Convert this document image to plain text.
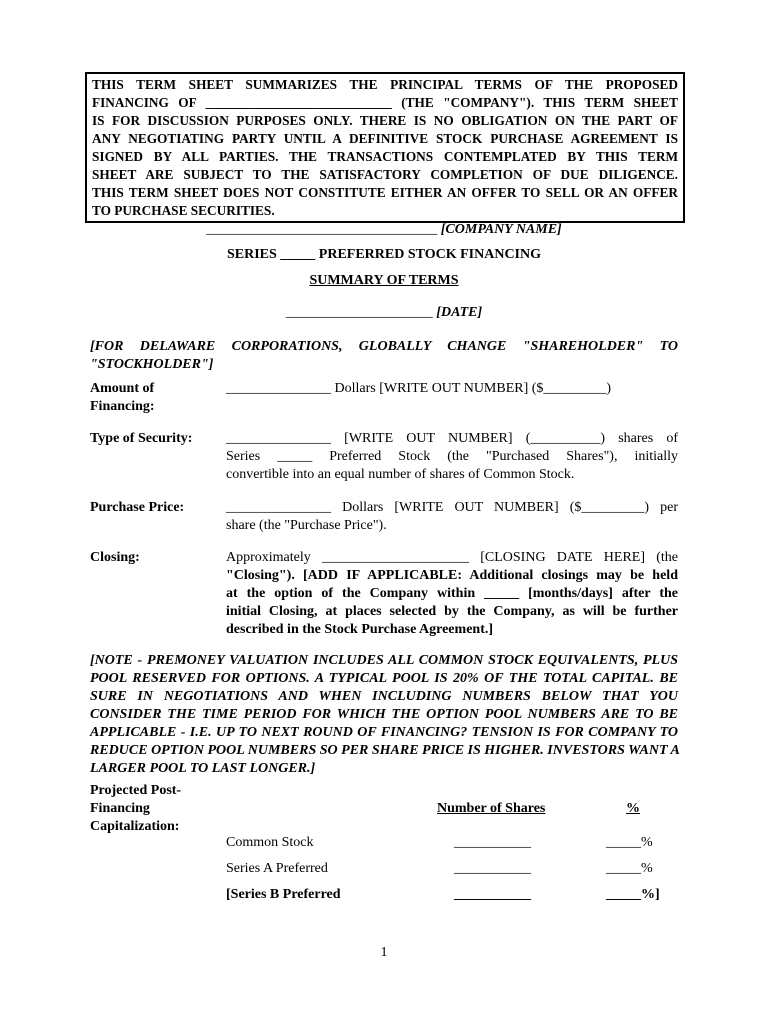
THIS TERM SHEET SUMMARIZES THE PRINCIPAL TERMS OF THE PROPOSED
FINANCING OF ____________________________ (THE "COMPANY"). THIS TERM SHEET
IS FOR DISCUSSION PURPOSES ONLY. THERE IS NO OBLIGATION ON THE PART OF
ANY NEGOTIATING PARTY UNTIL A DEFINITIVE STOCK PURCHASE AGREEMENT IS
SIGNED BY ALL PARTIES. THE TRANSACTIONS CONTEMPLATED BY THIS TERM
SHEET ARE SUBJECT TO THE SATISFACTORY COMPLETION OF DUE DILIGENCE.
THIS TERM SHEET DOES NOT CONSTITUTE EITHER AN OFFER TO SELL OR AN OFFER
TO PURCHASE SECURITIES.
_________________________________ [COMPANY NAME]
SERIES _____ PREFERRED STOCK FINANCING
SUMMARY OF TERMS
_____________________ [DATE]
[FOR DELAWARE CORPORATIONS, GLOBALLY CHANGE "SHAREHOLDER" TO
"STOCKHOLDER"]
Amount of Financing:
_______________ Dollars [WRITE OUT NUMBER] ($_________)
Type of Security:	_______________ [WRITE OUT NUMBER] (__________) shares of
Series _____ Preferred Stock (the "Purchased Shares"), initially
convertible into an equal number of shares of Common Stock.
Purchase Price:	_______________ Dollars [WRITE OUT NUMBER] ($_________) per
share (the "Purchase Price").
Closing:	Approximately _____________________ [CLOSING DATE HERE] (the
"Closing"). [ADD IF APPLICABLE: Additional closings may be held
at the option of the Company within _____ [months/days] after the
initial Closing, at places selected by the Company, as will be further
described in the Stock Purchase Agreement.]
[NOTE - PREMONEY VALUATION INCLUDES ALL COMMON STOCK EQUIVALENTS, PLUS
POOL RESERVED FOR OPTIONS. A TYPICAL POOL IS 20% OF THE TOTAL CAPITAL. BE
SURE IN NEGOTIATIONS AND WHEN INCLUDING NUMBERS BELOW THAT YOU
CONSIDER THE TIME PERIOD FOR WHICH THE OPTION POOL NUMBERS ARE TO BE
APPLICABLE - I.E. UP TO NEXT ROUND OF FINANCING? TENSION IS FOR COMPANY TO
REDUCE OPTION POOL NUMBERS SO PER SHARE PRICE IS HIGHER. INVESTORS WANT A
LARGER POOL TO LAST LONGER.]
Projected Post-
Financing
Capitalization:
Number of Shares	%
Common Stock	___________	_____%
Series A Preferred	___________	_____%
[Series B Preferred	___________	_____%]
1
